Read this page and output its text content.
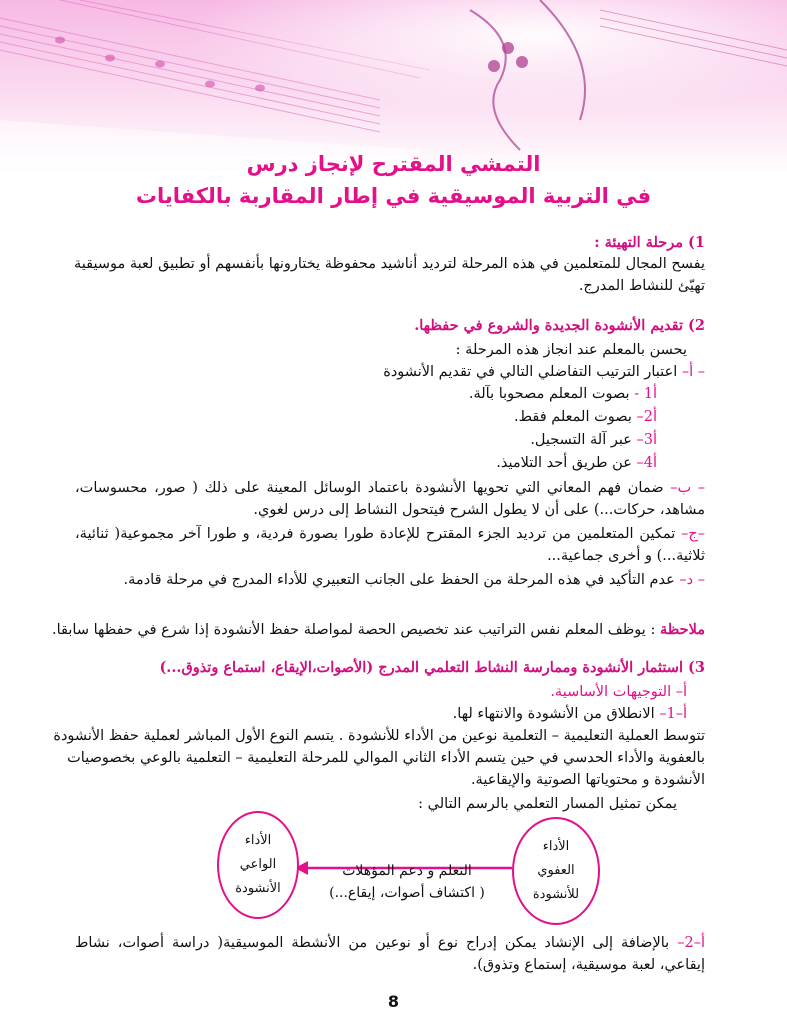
التمشي المقترح لإنجاز درس
في التربية الموسيقية في إطار المقاربة بالكفايات
1) مرحلة التهيئة :
يفسح المجال للمتعلمين في هذه المرحلة لترديد أناشيد محفوظة يختارونها بأنفسهم أو تطبيق لعبة موسيقية
تهيّئ للنشاط المدرج.
2) تقديم الأنشودة الجديدة والشروع في حفظها.
يحسن بالمعلم عند انجاز هذه المرحلة :
– أ– اعتبار الترتيب التفاضلي التالي في تقديم الأنشودة
أ1 - بصوت المعلم مصحوبا بآلة.
أ2– بصوت المعلم فقط.
أ3– عبر آلة التسجيل.
أ4– عن طريق أحد التلاميذ.
– ب– ضمان فهم المعاني التي تحويها الأنشودة باعتماد الوسائل المعينة على ذلك ( صور، محسوسات،
مشاهد، حركات...) على أن لا يطول الشرح فيتحول النشاط إلى درس لغوي.
–ج– تمكين المتعلمين من ترديد الجزء المقترح للإعادة طورا بصورة فردية، و طورا آخر مجموعية( ثنائية،
ثلاثية...) و أخرى جماعية...
– د– عدم التأكيد في هذه المرحلة من الحفظ على الجانب التعبيري للأداء المدرج في مرحلة قادمة.
ملاحظة : يوظف المعلم نفس التراتيب عند تخصيص الحصة لمواصلة حفظ الأنشودة إذا شرع في حفظها سابقا.
3) استثمار الأنشودة وممارسة النشاط التعلمي المدرج (الأصوات،الإيقاع، استماع وتذوق...)
أ– التوجيهات الأساسية.
أ–1– الانطلاق من الأنشودة والانتهاء لها.
تتوسط العملية التعليمية – التعلمية نوعين من الأداء للأنشودة . يتسم النوع الأول المباشر لعملية حفظ الأنشودة
بالعفوية والأداء الحدسي في حين يتسم الأداء الثاني الموالي للمرحلة التعليمية – التعلمية بالوعي بخصوصيات
الأنشودة و محتوياتها الصوتية والإيقاعية.
يمكن تمثيل المسار التعلمي بالرسم التالي :
الأداء
العفوي
للأنشودة
الأداء
الواعي
الأنشودة
التعلم و دعم المؤهلات
( اكتشاف أصوات، إيقاع...)
أ–2– بالإضافة إلى الإنشاد يمكن إدراج نوع أو نوعين من الأنشطة الموسيقية( دراسة أصوات، نشاط
إيقاعي، لعبة موسيقية، إستماع وتذوق).
8
